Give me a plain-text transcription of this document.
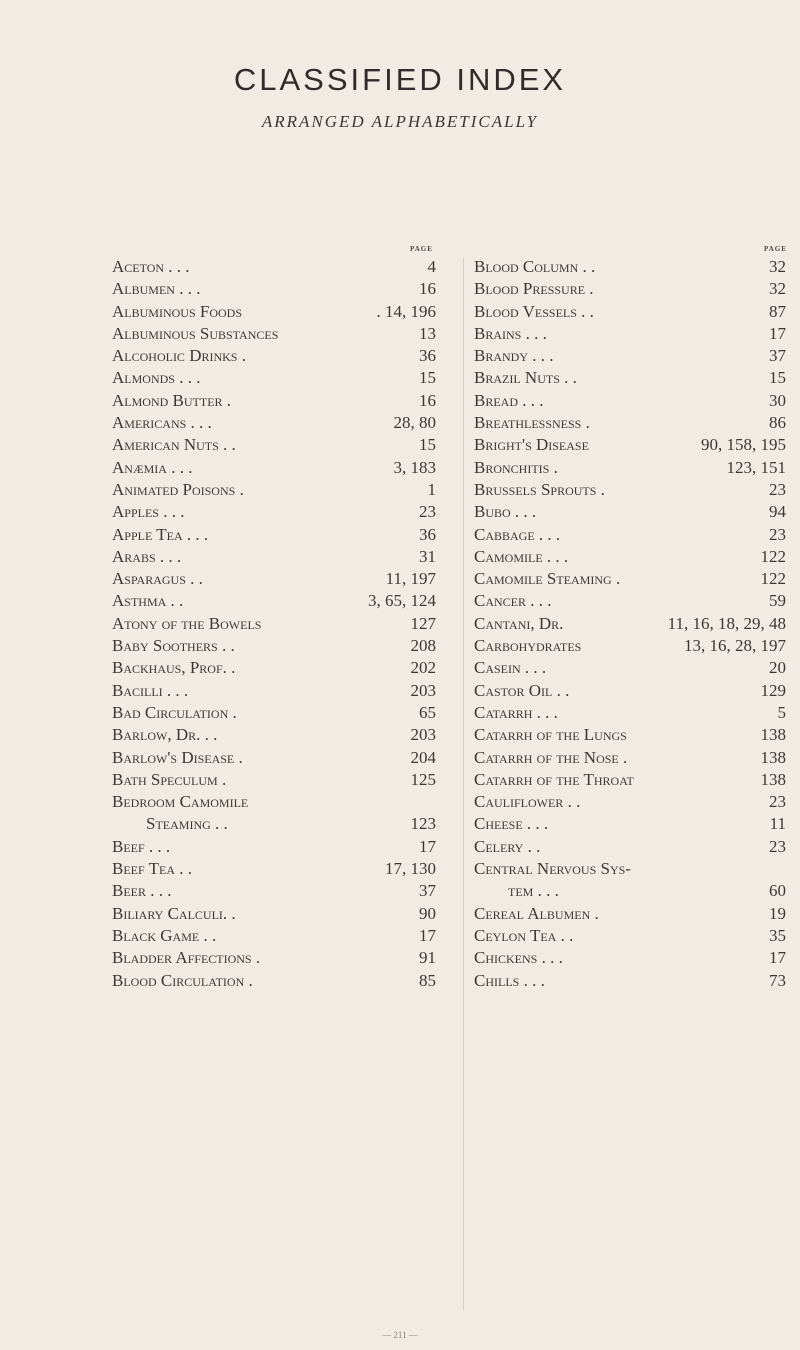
CLASSIFIED INDEX
ARRANGED ALPHABETICALLY
PAGE	PAGE
Aceton . . .	4
Albumen . . .	16
Albuminous Foods	. 14, 196
Albuminous Substances	13
Alcoholic Drinks .	36
Almonds . . .	15
Almond Butter .	16
Americans . . .	28, 80
American Nuts . .	15
Anæmia . . .	3, 183
Animated Poisons .	1
Apples . . .	23
Apple Tea . . .	36
Arabs . . .	31
Asparagus . .	11, 197
Asthma . .	3, 65, 124
Atony of the Bowels	127
Baby Soothers . .	208
Backhaus, Prof. .	202
Bacilli . . .	203
Bad Circulation .	65
Barlow, Dr. . .	203
Barlow's Disease .	204
Bath Speculum .	125
Bedroom Camomile
Steaming . .	123
Beef . . .	17
Beef Tea . .	17, 130
Beer . . .	37
Biliary Calculi. .	90
Black Game . .	17
Bladder Affections .	91
Blood Circulation .	85
Blood Column . .	32
Blood Pressure .	32
Blood Vessels . .	87
Brains . . .	17
Brandy . . .	37
Brazil Nuts . .	15
Bread . . .	30
Breathlessness .	86
Bright's Disease	90, 158, 195
Bronchitis .	123, 151
Brussels Sprouts .	23
Bubo . . .	94
Cabbage . . .	23
Camomile . . .	122
Camomile Steaming .	122
Cancer . . .	59
Cantani, Dr.	11, 16, 18, 29, 48
Carbohydrates	13, 16, 28, 197
Casein . . .	20
Castor Oil . .	129
Catarrh . . .	5
Catarrh of the Lungs	138
Catarrh of the Nose .	138
Catarrh of the Throat	138
Cauliflower . .	23
Cheese . . .	11
Celery . .	23
Central Nervous Sys-
tem . . .	60
Cereal Albumen .	19
Ceylon Tea . .	35
Chickens . . .	17
Chills . . .	73
— 211 —
